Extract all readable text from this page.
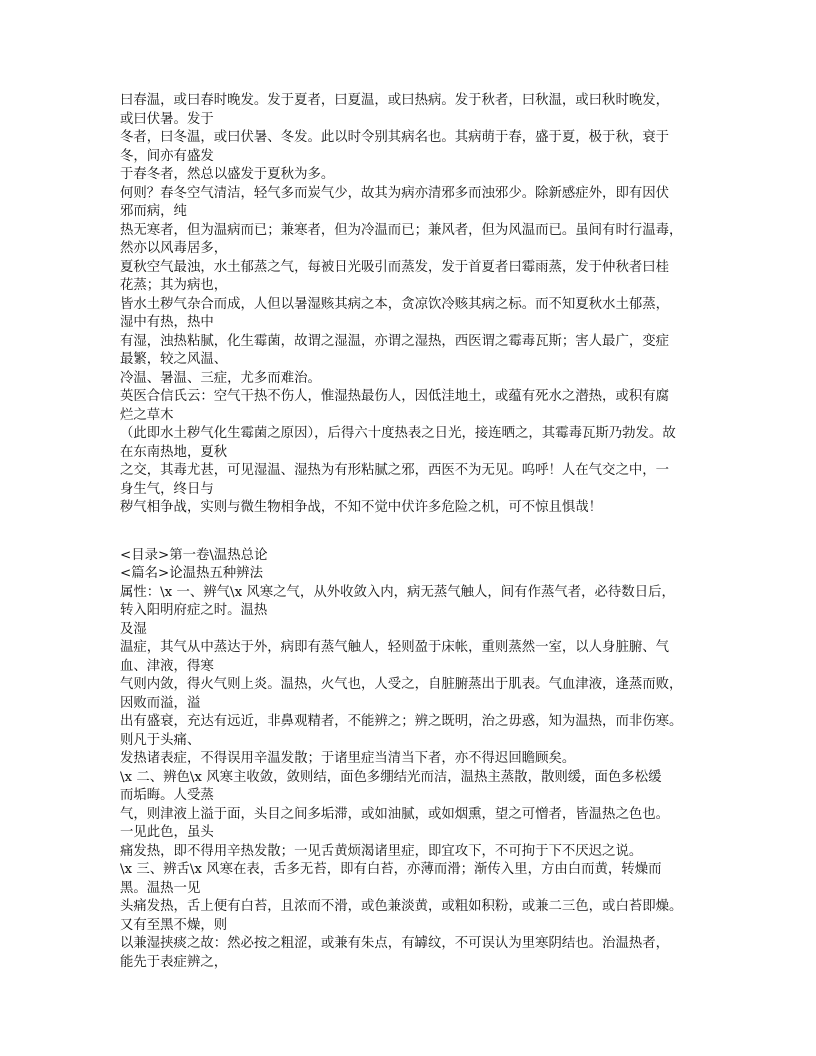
曰春温，或曰春时晚发。发于夏者，曰夏温，或曰热病。发于秋者，曰秋温，或曰秋时晚发，
或曰伏暑。发于
冬者，曰冬温，或曰伏暑、冬发。此以时令别其病名也。其病萌于春，盛于夏，极于秋，衰于
冬，间亦有盛发
于春冬者，然总以盛发于夏秋为多。
何则？春冬空气清洁，轻气多而炭气少，故其为病亦清邪多而浊邪少。除新感症外，即有因伏
邪而病，纯
热无寒者，但为温病而已；兼寒者，但为冷温而已；兼风者，但为风温而已。虽间有时行温毒，
然亦以风毒居多，
夏秋空气最浊，水土郁蒸之气，每被日光吸引而蒸发，发于首夏者曰霉雨蒸，发于仲秋者曰桂
花蒸；其为病也，
皆水土秽气杂合而成，人但以暑湿赅其病之本，贪凉饮冷赅其病之标。而不知夏秋水土郁蒸，
湿中有热，热中
有湿，浊热粘腻，化生霉菌，故谓之湿温，亦谓之湿热，西医谓之霉毒瓦斯；害人最广，变症
最繁，较之风温、
冷温、暑温、三症，尤多而难治。
英医合信氏云：空气干热不伤人，惟湿热最伤人，因低洼地土，或蕴有死水之潜热，或积有腐
烂之草木
（此即水土秽气化生霉菌之原因），后得六十度热表之日光，接连晒之，其霉毒瓦斯乃勃发。故
在东南热地，夏秋
之交，其毒尤甚，可见湿温、湿热为有形粘腻之邪，西医不为无见。呜呼！人在气交之中，一
身生气，终日与
秽气相争战，实则与微生物相争战，不知不觉中伏许多危险之机，可不惊且惧哉！
<目录>第一卷\温热总论
<篇名>论温热五种辨法
属性：\x 一、辨气\x 风寒之气，从外收敛入内，病无蒸气触人，间有作蒸气者，必待数日后，
转入阳明府症之时。温热
及湿
温症，其气从中蒸达于外，病即有蒸气触人，轻则盈于床帐，重则蒸然一室，以人身脏腑、气
血、津液，得寒
气则内敛，得火气则上炎。温热，火气也，人受之，自脏腑蒸出于肌表。气血津液，逢蒸而败，
因败而溢，溢
出有盛衰，充达有远近，非鼻观精者，不能辨之；辨之既明，治之毋惑，知为温热，而非伤寒。
则凡于头痛、
发热诸表症，不得误用辛温发散；于诸里症当清当下者，亦不得迟回瞻顾矣。
\x 二、辨色\x 风寒主收敛，敛则结，面色多绷结光而洁，温热主蒸散，散则缓，面色多松缓
而垢晦。人受蒸
气，则津液上溢于面，头目之间多垢滞，或如油腻，或如烟熏，望之可憎者，皆温热之色也。
一见此色，虽头
痛发热，即不得用辛热发散；一见舌黄烦渴诸里症，即宜攻下，不可拘于下不厌迟之说。
\x 三、辨舌\x 风寒在表，舌多无苔，即有白苔，亦薄而滑；渐传入里，方由白而黄，转燥而
黑。温热一见
头痛发热，舌上便有白苔，且浓而不滑，或色兼淡黄，或粗如积粉，或兼二三色，或白苔即燥。
又有至黑不燥，则
以兼湿挟痰之故：然必按之粗涩，或兼有朱点，有罅纹，不可误认为里寒阴结也。治温热者，
能先于表症辨之，
